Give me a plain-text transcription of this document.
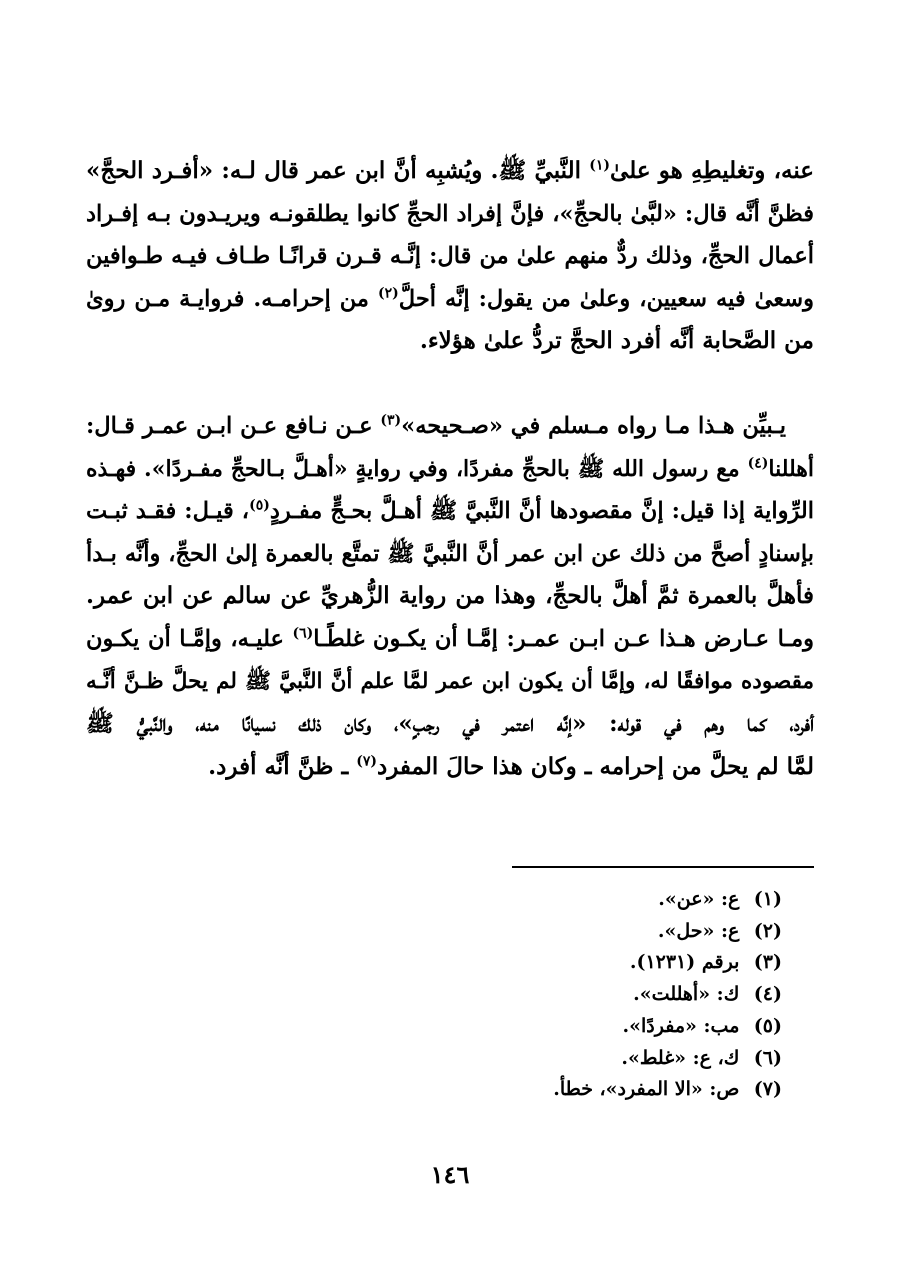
عنه، وتغليطِهِ هو علىٰ$^{(١)}$ النَّبيِّ ﷺ. ويُشبِه أنَّ ابن عمر قال لـه: «أفـرد الحجَّ»
فظنَّ أنَّه قال: «لبَّىٰ بالحجِّ»، فإنَّ إفراد الحجِّ كانوا يطلقونـه ويريـدون بـه إفـراد
أعمال الحجِّ، وذلك ردٌّ منهم علىٰ من قال: إنَّـه قـرن قرانًـا طـاف فيـه طـوافين
وسعىٰ فيه سعيين، وعلىٰ من يقول: إنَّه أحلَّ$^{(٢)}$ من إحرامـه. فروايـة مـن روىٰ
من الصَّحابة أنَّه أفرد الحجَّ تردُّ علىٰ هؤلاء.
يـبيِّن هـذا مـا رواه مـسلم في «صـحيحه»$^{(٣)}$ عـن نـافع عـن ابـن عمـر قـال:
أهللنا$^{(٤)}$ مع رسول الله ﷺ بالحجِّ مفردًا، وفي روايةٍ «أهـلَّ بـالحجِّ مفـردًا». فهـذه
الرِّواية إذا قيل: إنَّ مقصودها أنَّ النَّبيَّ ﷺ أهـلَّ بحـجٍّ مفـردٍ$^{(٥)}$، قيـل: فقـد ثبـت
بإسنادٍ أصحَّ من ذلك عن ابن عمر أنَّ النَّبيَّ ﷺ تمتَّع بالعمرة إلىٰ الحجِّ، وأنَّه بـدأ
فأهلَّ بالعمرة ثمَّ أهلَّ بالحجِّ، وهذا من رواية الزُّهريِّ عن سالم عن ابن عمر.
ومـا عـارض هـذا عـن ابـن عمـر: إمَّـا أن يكـون غلطًـا$^{(٦)}$ عليـه، وإمَّـا أن يكـون
مقصوده موافقًا له، وإمَّا أن يكون ابن عمر لمَّا علم أنَّ النَّبيَّ ﷺ لم يحلَّ ظـنَّ أنَّـه
أفرد، كما وهم في قوله: «إنَّه اعتمر في رجبٍ»، وكان ذلك نسيانًا منه، والنَّبيُّ ﷺ
لمَّا لم يحلَّ من إحرامه ـ وكان هذا حالَ المفرد$^{(٧)}$ ـ ظنَّ أنَّه أفرد.
(١) ع: «عن».
(٢) ع: «حل».
(٣) برقم (١٢٣١).
(٤) ك: «أهللت».
(٥) مب: «مفردًا».
(٦) ك، ع: «غلط».
(٧) ص: «الا المفرد»، خطأ.
١٤٦
